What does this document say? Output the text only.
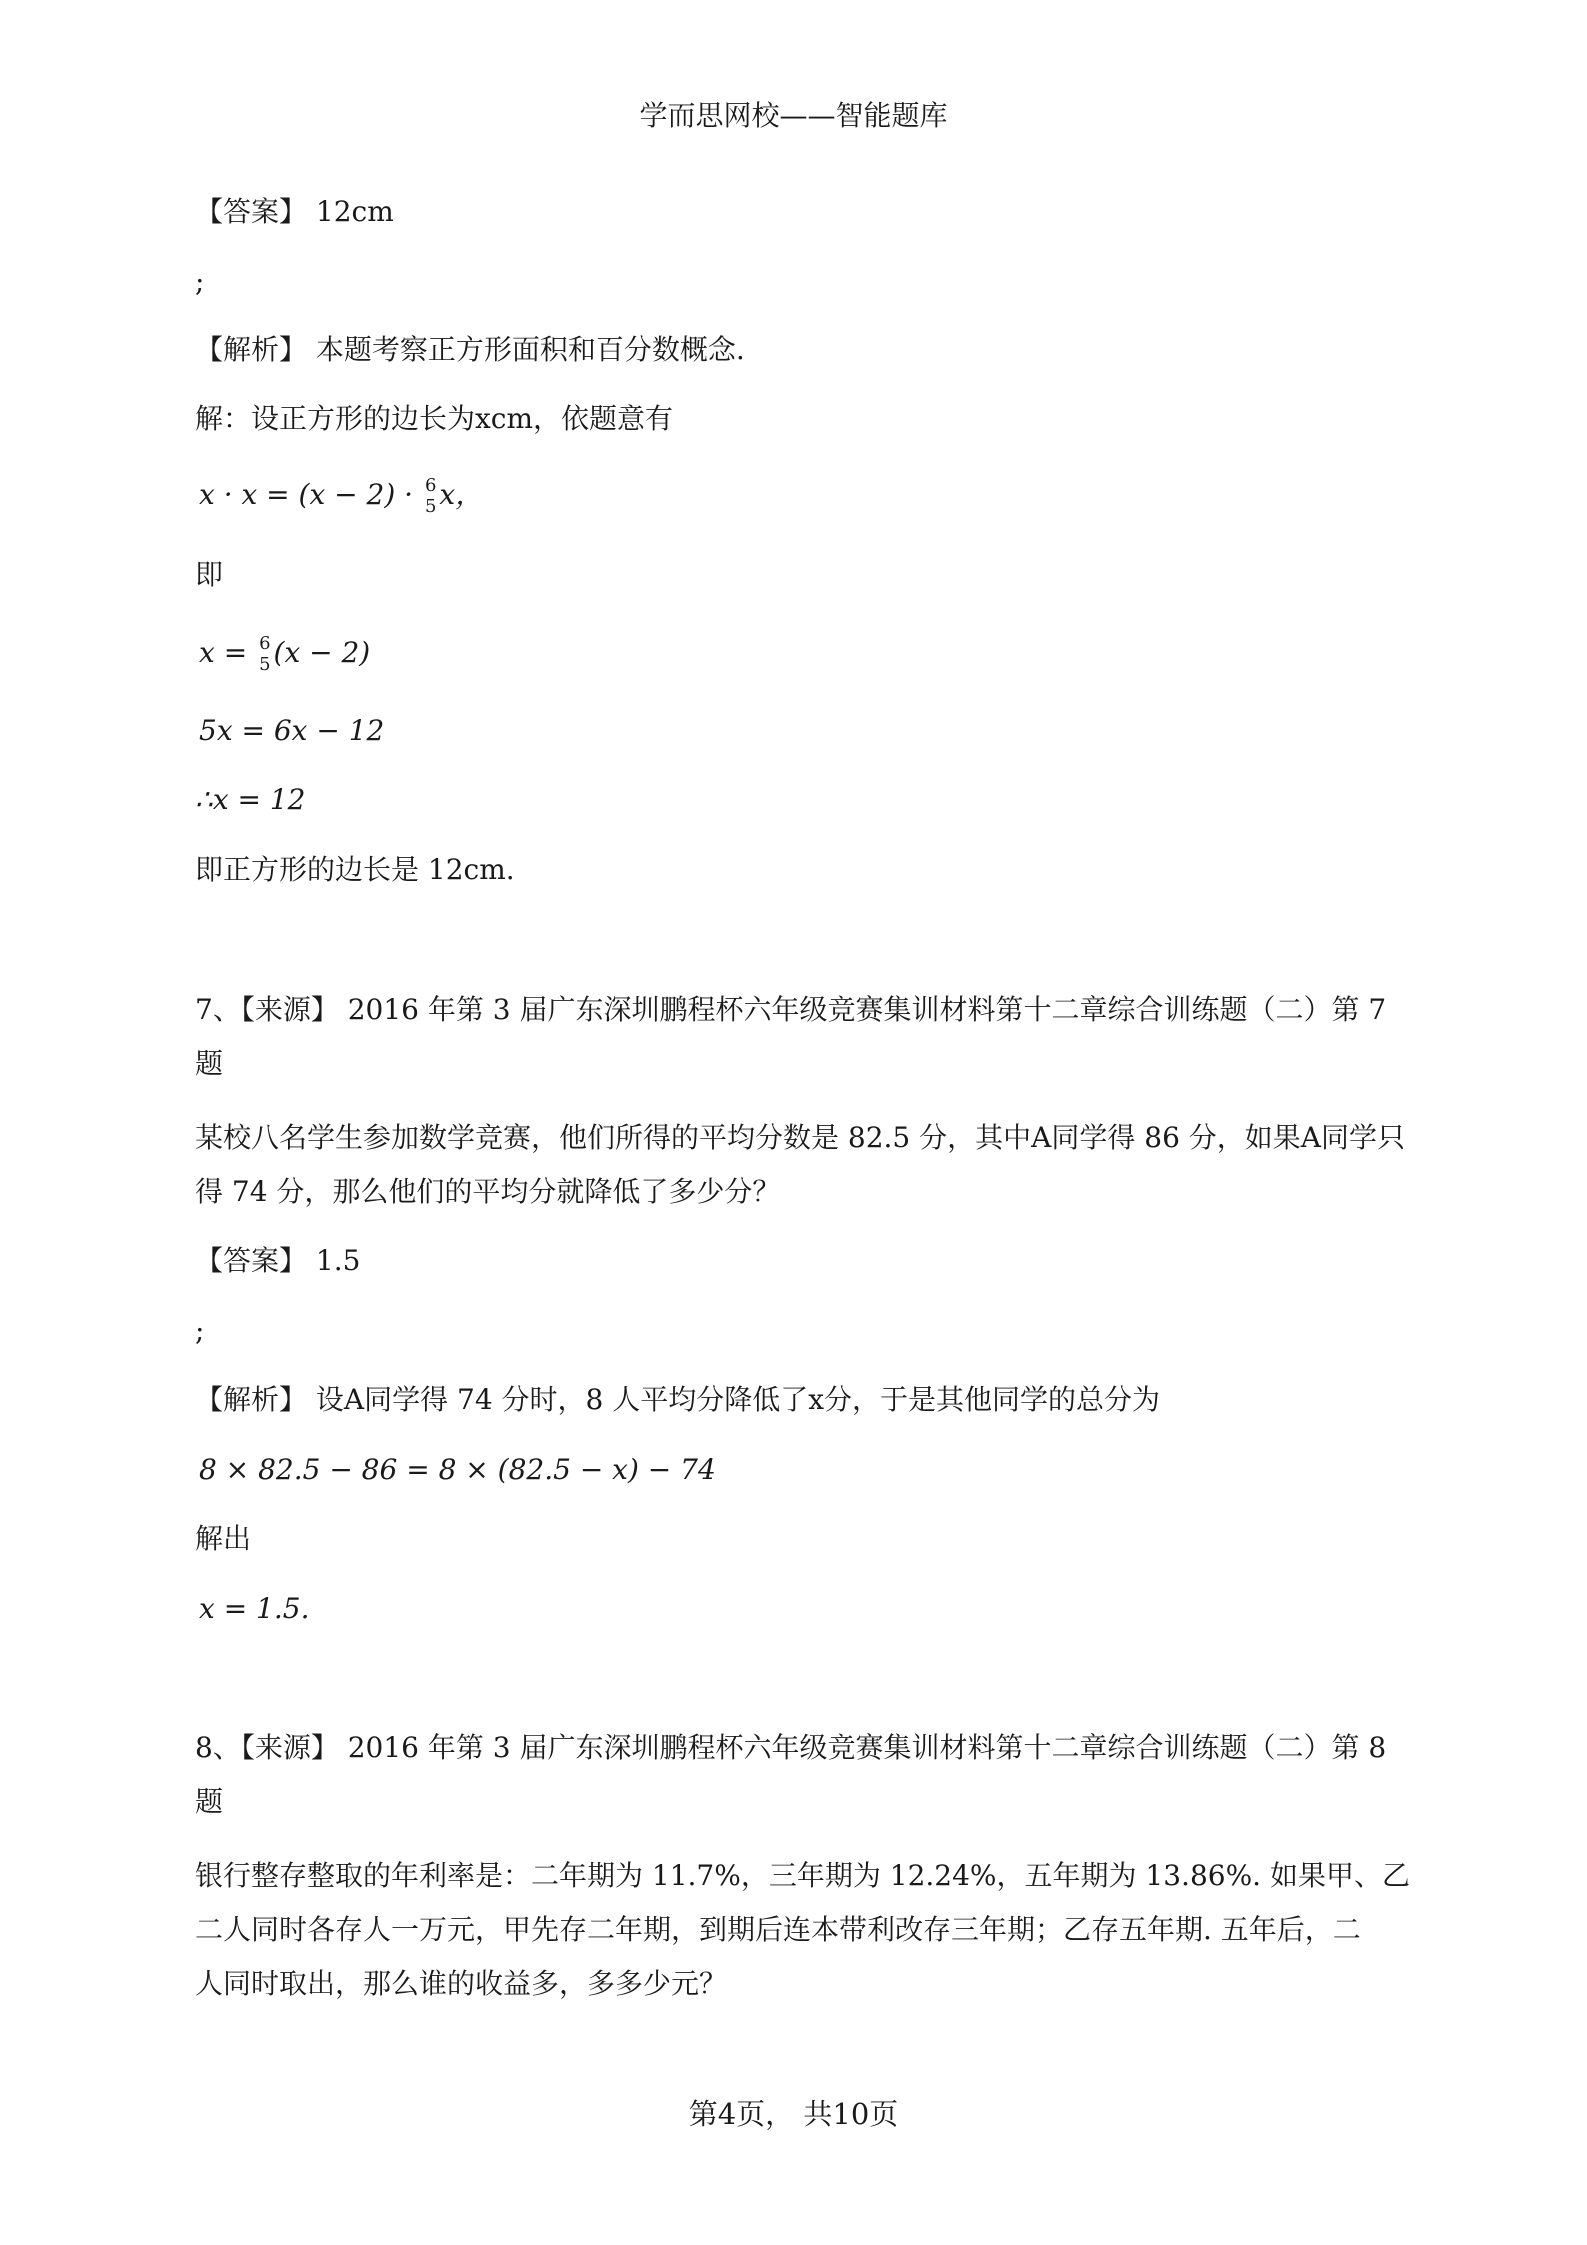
学而思网校——智能题库
【答案】 12cm
;
【解析】 本题考察正方形面积和百分数概念.
解：设正方形的边长为xcm，依题意有
x · x = (x − 2) · 6
5 x，
即
x = 6
5 (x − 2)
5x = 6x − 12
∴x = 12
即正方形的边长是 12cm.
7、【来源】 2016 年第 3 届广东深圳鹏程杯六年级竞赛集训材料第十二章综合训练题（二）第 7
题
某校八名学生参加数学竞赛，他们所得的平均分数是 82.5 分，其中A同学得 86 分，如果A同学只
得 74 分，那么他们的平均分就降低了多少分？
【答案】 1.5
;
【解析】 设A同学得 74 分时，8 人平均分降低了x分，于是其他同学的总分为
8 × 82.5 − 86 = 8 × (82.5 − x) − 74
解出
x = 1.5.
8、【来源】 2016 年第 3 届广东深圳鹏程杯六年级竞赛集训材料第十二章综合训练题（二）第 8
题
银行整存整取的年利率是：二年期为 11.7%，三年期为 12.24%，五年期为 13.86%. 如果甲、乙
二人同时各存人一万元，甲先存二年期，到期后连本带利改存三年期；乙存五年期. 五年后，二
人同时取出，那么谁的收益多，多多少元？
第4页， 共10页
